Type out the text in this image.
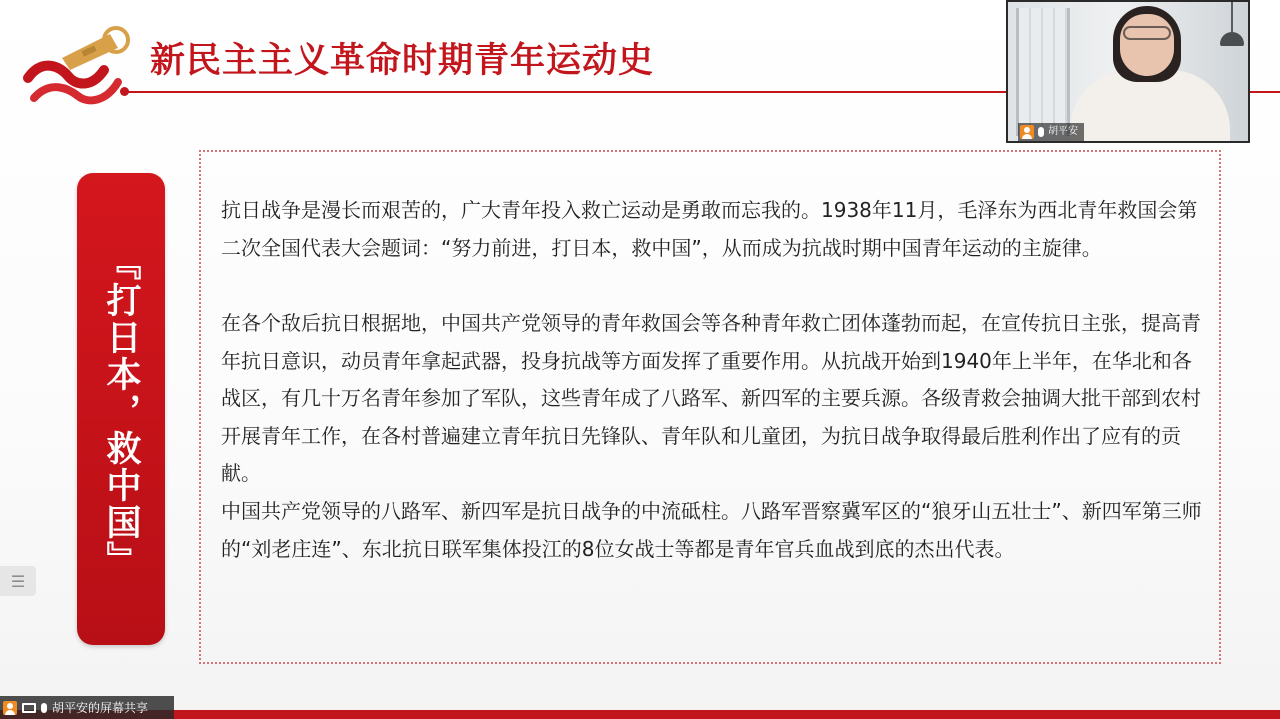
新民主主义革命时期青年运动史
『打日本，救中国』

抗日战争是漫长而艰苦的，广大青年投入救亡运动是勇敢而忘我的。1938年11月，毛泽东为西北青年救国会第二次全国代表大会题词：“努力前进，打日本，救中国”，从而成为抗战时期中国青年运动的主旋律。

在各个敌后抗日根据地，中国共产党领导的青年救国会等各种青年救亡团体蓬勃而起，在宣传抗日主张，提高青年抗日意识，动员青年拿起武器，投身抗战等方面发挥了重要作用。从抗战开始到1940年上半年，在华北和各战区，有几十万名青年参加了军队，这些青年成了八路军、新四军的主要兵源。各级青救会抽调大批干部到农村开展青年工作，在各村普遍建立青年抗日先锋队、青年队和儿童团，为抗日战争取得最后胜利作出了应有的贡献。

中国共产党领导的八路军、新四军是抗日战争的中流砥柱。八路军晋察冀军区的“狼牙山五壮士”、新四军第三师的“刘老庄连”、东北抗日联军集体投江的8位女战士等都是青年官兵血战到底的杰出代表。

胡平安
☰
胡平安的屏幕共享
